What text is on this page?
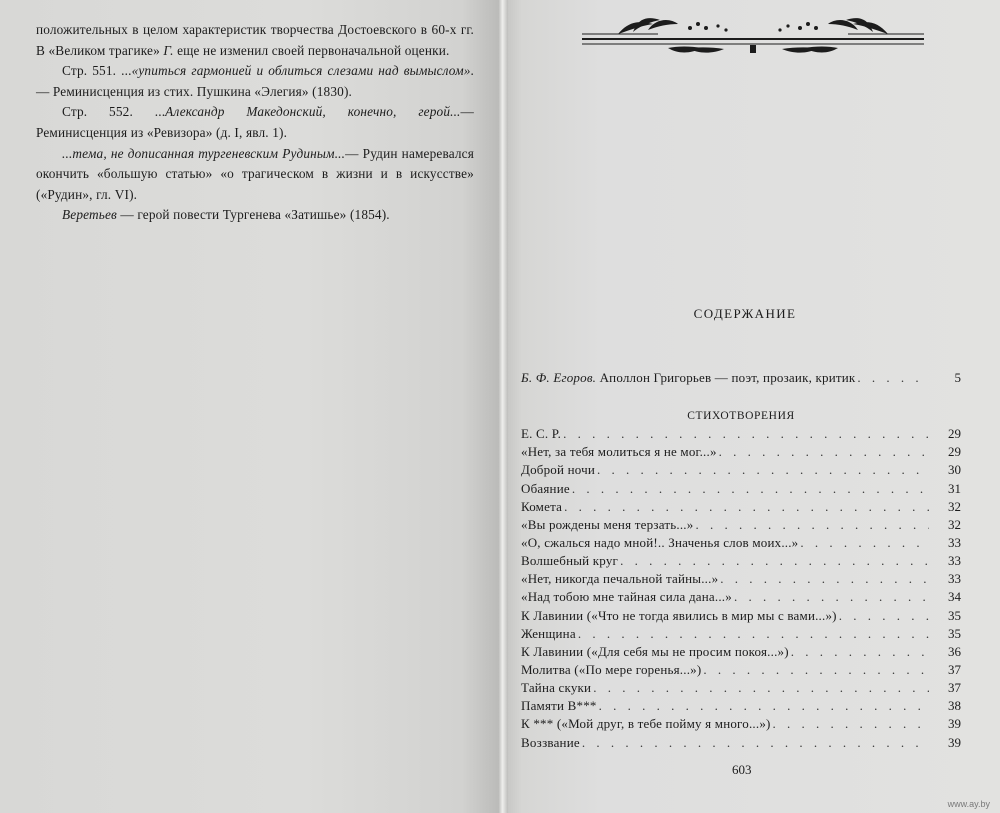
положительных в целом характеристик творчества Достоевского в 60-х гг. В «Великом трагике» Г. еще не изменил своей первоначальной оценки.

Стр. 551. ...«упиться гармонией и облиться слезами над вымыслом».— Реминисценция из стих. Пушкина «Элегия» (1830).

Стр. 552. ...Александр Македонский, конечно, герой...— Реминисценция из «Ревизора» (д. I, явл. 1).

...тема, не дописанная тургеневским Рудиным...— Рудин намеревался окончить «большую статью» «о трагическом в жизни и в искусстве» («Рудин», гл. VI).

Веретьев — герой повести Тургенева «Затишье» (1854).

СОДЕРЖАНИЕ
Б. Ф. Егоров. Аполлон Григорьев — поэт, прозаик, критик . . .	5
СТИХОТВОРЕНИЯ
Е. С. Р. . . .	29
«Нет, за тебя молиться я не мог...» . . .	29
Доброй ночи . . .	30
Обаяние . . .	31
Комета . . .	32
«Вы рождены меня терзать...» . . .	32
«О, сжалься надо мной!.. Значенья слов моих...» . . .	33
Волшебный круг . . .	33
«Нет, никогда печальной тайны...» . . .	33
«Над тобою мне тайная сила дана...» . . .	34
К Лавинии («Что не тогда явились в мир мы с вами...») . . .	35
Женщина . . .	35
К Лавинии («Для себя мы не просим покоя...») . . .	36
Молитва («По мере горенья...») . . .	37
Тайна скуки . . .	37
Памяти В*** . . .	38
К *** («Мой друг, в тебе пойму я много...») . . .	39
Воззвание . . .	39
603
www.ay.by
